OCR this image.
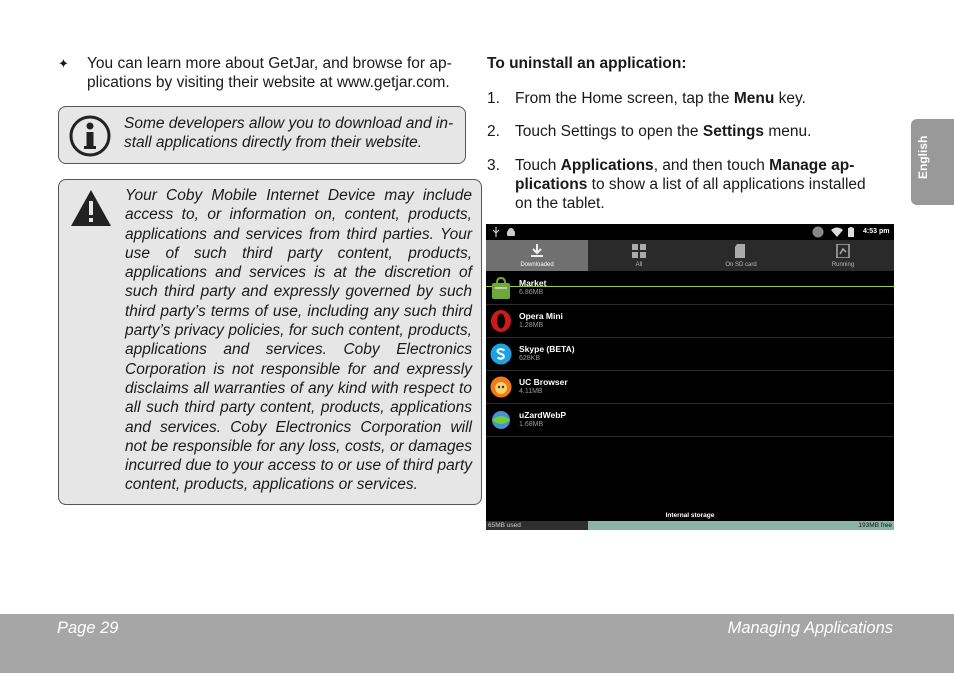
✦ You can learn more about GetJar, and browse for ap-plications by visiting their website at www.getjar.com.
Some developers allow you to download and in-stall applications directly from their website.
Your Coby Mobile Internet Device may include access to, or information on, content, products, applications and services from third parties. Your use of such third party content, products, applications and services is at the discretion of such third party and expressly governed by such third party’s terms of use, including any such third party’s privacy policies, for such content, products, applications and services. Coby Electronics Corporation is not responsible for and expressly disclaims all warranties of any kind with respect to all such third party content, products, applications and services. Coby Electronics Corporation will not be responsible for any loss, costs, or damages incurred due to your access to or use of third party content, products, applications or services.
To uninstall an application:
1. From the Home screen, tap the Menu key.
2. Touch Settings to open the Settings menu.
3. Touch Applications, and then touch Manage ap-plications to show a list of all applications installed on the tablet.
4:53 pm
Downloaded	All	On SD card	Running
Market
6.86MB
Opera Mini
1.28MB
Skype (BETA)
628KB
UC Browser
4.11MB
uZardWebP
1.68MB
Internal storage
65MB used	193MB free
English
Page 29	Managing Applications
